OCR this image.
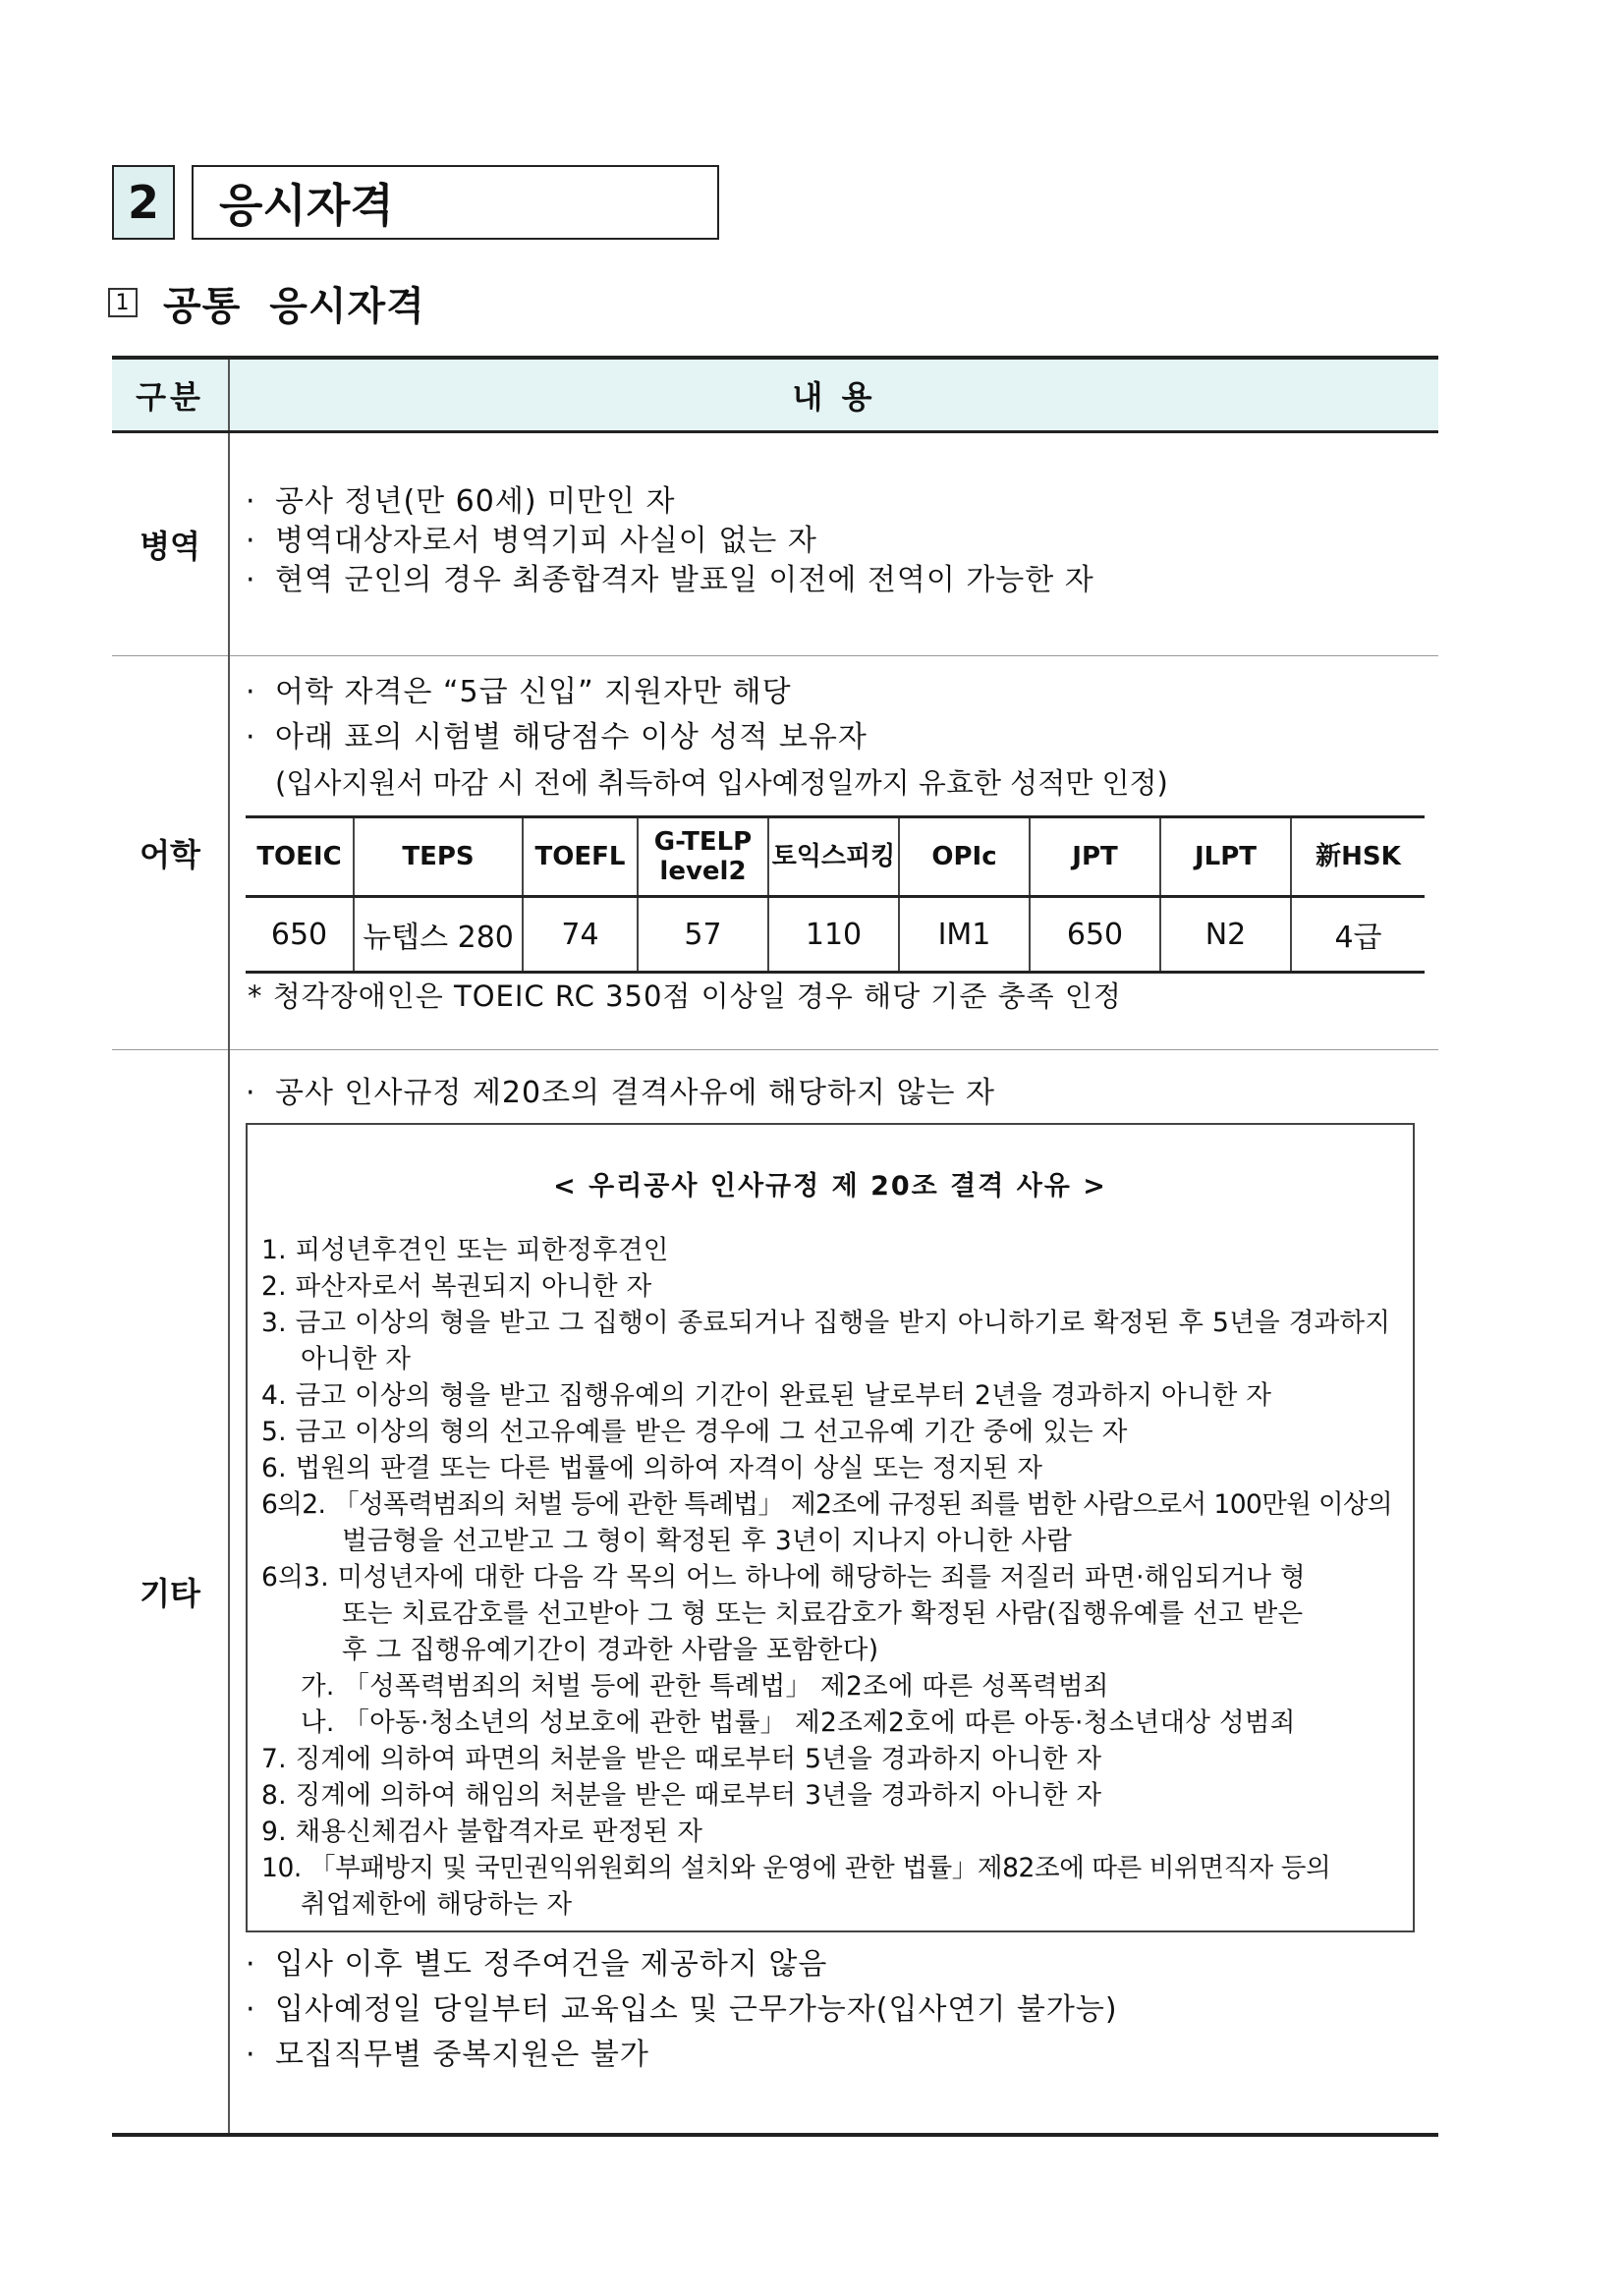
2	응시자격
1 공통 응시자격
구분	내 용
병역	
· 공사 정년(만 60세) 미만인 자
· 병역대상자로서 병역기피 사실이 없는 자
· 현역 군인의 경우 최종합격자 발표일 이전에 전역이 가능한 자

어학	
· 어학 자격은 “5급 신입” 지원자만 해당
· 아래 표의 시험별 해당점수 이상 성적 보유자
(입사지원서 마감 시 전에 취득하여 입사예정일까지 유효한 성적만 인정)
TOEIC	TEPS	TOEFL	G-TELP level2	토익스피킹	OPIc	JPT	JLPT	新HSK
650	뉴텝스 280	74	57	110	IM1	650	N2	4급
* 청각장애인은 TOEIC RC 350점 이상일 경우 해당 기준 충족 인정

기타	
· 공사 인사규정 제20조의 결격사유에 해당하지 않는 자
< 우리공사 인사규정 제 20조 결격 사유 >
1. 피성년후견인 또는 피한정후견인
2. 파산자로서 복권되지 아니한 자
3. 금고 이상의 형을 받고 그 집행이 종료되거나 집행을 받지 아니하기로 확정된 후 5년을 경과하지
아니한 자
4. 금고 이상의 형을 받고 집행유예의 기간이 완료된 날로부터 2년을 경과하지 아니한 자
5. 금고 이상의 형의 선고유예를 받은 경우에 그 선고유예 기간 중에 있는 자
6. 법원의 판결 또는 다른 법률에 의하여 자격이 상실 또는 정지된 자
6의2. 「성폭력범죄의 처벌 등에 관한 특례법」 제2조에 규정된 죄를 범한 사람으로서 100만원 이상의
벌금형을 선고받고 그 형이 확정된 후 3년이 지나지 아니한 사람
6의3. 미성년자에 대한 다음 각 목의 어느 하나에 해당하는 죄를 저질러 파면·해임되거나 형
또는 치료감호를 선고받아 그 형 또는 치료감호가 확정된 사람(집행유예를 선고 받은
후 그 집행유예기간이 경과한 사람을 포함한다)
가. 「성폭력범죄의 처벌 등에 관한 특례법」 제2조에 따른 성폭력범죄
나. 「아동·청소년의 성보호에 관한 법률」 제2조제2호에 따른 아동·청소년대상 성범죄
7. 징계에 의하여 파면의 처분을 받은 때로부터 5년을 경과하지 아니한 자
8. 징계에 의하여 해임의 처분을 받은 때로부터 3년을 경과하지 아니한 자
9. 채용신체검사 불합격자로 판정된 자
10. 「부패방지 및 국민권익위원회의 설치와 운영에 관한 법률」제82조에 따른 비위면직자 등의
취업제한에 해당하는 자
· 입사 이후 별도 정주여건을 제공하지 않음
· 입사예정일 당일부터 교육입소 및 근무가능자(입사연기 불가능)
· 모집직무별 중복지원은 불가
